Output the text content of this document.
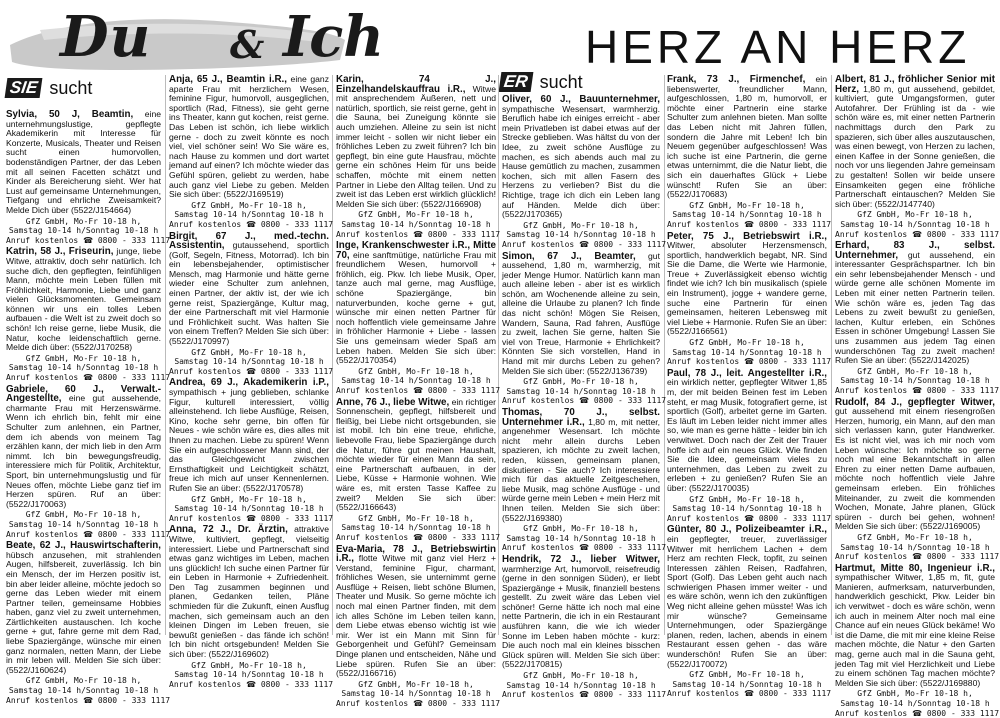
Du & Ich	HERZ AN HERZ
SIE sucht	ER sucht

Sylvia, 50 J, Beamtin, eine unternehmungslustige, gepflegte Akademikerin mit Interesse für Konzerte, Musicals, Theater und Reisen sucht einen humorvollen, bodenständigen Partner, der das Leben mit all seinen Facetten schätzt und Kinder als Bereicherung sieht. Wer hat Lust auf gemeinsame Unternehmungen, Tiefgang und ehrliche Zweisamkeit? Melde Dich über (5522/J154664)

GfZ GmbH, Mo-Fr 10-18 h,
Samstag 10-14 h/Sonntag 10-18 h
Anruf kostenlos ☎ 0800 - 333 1117

Katrin, 58 J., Friseurin, junge, liebe Witwe, attraktiv, doch sehr natürlich. Ich suche dich, den gepflegten, feinfühligen Mann, möchte mein Leben füllen mit Fröhlichkeit, Harmonie, Liebe und ganz vielen Glücksmomenten. Gemeinsam können wir uns ein tolles Leben aufbauen - die Welt ist zu zweit doch so schön! Ich reise gerne, liebe Musik, die Natur, koche leidenschaftlich gerne. Melde dich über: (5522/J170258)

GfZ GmbH, Mo-Fr 10-18 h,
Samstag 10-14 h/Sonntag 10-18 h
Anruf kostenlos ☎ 0800 - 333 1117

Gabriele, 60 J., Verwalt.-Angestellte, eine gut aussehende, charmante Frau mit Herzenswärme. Wenn ich ehrlich bin, fehlt mir eine Schulter zum anlehnen, ein Partner, dem ich abends von meinem Tag erzählen kann, der mich lieb in den Arm nimmt. Ich bin bewegungsfreudig, interessiere mich für Politik, Architektur, Sport, bin unternehmungslustig und für Neues offen, möchte Liebe ganz tief im Herzen spüren. Ruf an über: (5522/J170063)

GfZ GmbH, Mo-Fr 10-18 h,
Samstag 10-14 h/Sonntag 10-18 h
Anruf kostenlos ☎ 0800 - 333 1117

Beate, 62 J., Hauswirtschafterin, hübsch anzusehen, mit strahlenden Augen, hilfsbereit, zuverlässig. Ich bin ein Mensch, der im Herzen positiv ist, bin aber leider alleine, möchte jedoch so gerne das Leben wieder mit einem Partner teilen, gemeinsame Hobbies haben, ganz viel zu zweit unternehmen, Zärtlichkeiten austauschen. Ich koche gerne + gut, fahre gerne mit dem Rad, liebe Spaziergänge, wünsche mir einen ganz normalen, netten Mann, der Liebe in mir leben will. Melden Sie sich über: (5522/J160624)

GfZ GmbH, Mo-Fr 10-18 h,
Samstag 10-14 h/Sonntag 10-18 h
Anruf kostenlos ☎ 0800 - 333 1117

Anja, 65 J., Beamtin i.R., eine ganz aparte Frau mit herzlichem Wesen, feminine Figur, humorvoll, ausgeglichen, sportlich (Rad, Fitness), sie geht gerne ins Theater, kann gut kochen, reist gerne. Das Leben ist schön, ich liebe wirklich gerne - doch zu zweit könnte es noch viel, viel schöner sein! Wo Sie wäre es, nach Hause zu kommen und dort wartet jemand auf einen? Ich möchte wieder das Gefühl spüren, geliebt zu werden, habe auch ganz viel Liebe zu geben. Melden Sie sich über: (5522/J169519)

GfZ GmbH, Mo-Fr 10-18 h,
Samstag 10-14 h/Sonntag 10-18 h
Anruf kostenlos ☎ 0800 - 333 1117

Birgit, 67 J., med.-techn. Assistentin, gutaussehend, sportlich (Golf, Segeln, Fitness, Motorrad). Ich bin ein lebensbejahender, optimistischer Mensch, mag Harmonie und hätte gerne wieder eine Schulter zum anlehnen, einen Partner, der aktiv ist, der wie ich gerne reist, Spaziergänge, Kultur mag, der eine Partnerschaft mit viel Harmonie und Fröhlichkeit sucht. Was halten Sie von einem Treffen? Melden Sie sich über: (5522/J170997)

GfZ GmbH, Mo-Fr 10-18 h,
Samstag 10-14 h/Sonntag 10-18 h
Anruf kostenlos ☎ 0800 - 333 1117

Andrea, 69 J., Akademikerin i.P., sympathisch + jung geblieben, schlanke Figur, kulturell interessiert, völlig alleinstehend. Ich liebe Ausflüge, Reisen, Kino, koche sehr gerne, bin offen für Neues - wie schön wäre es, dies alles mit Ihnen zu machen. Liebe zu spüren! Wenn Sie ein aufgeschlossener Mann sind, der das Gleichgewicht zwischen Ernsthaftigkeit und Leichtigkeit schätzt, freue ich mich auf unser Kennenlernen. Rufen Sie an über: (5522/J170578)

GfZ GmbH, Mo-Fr 10-18 h,
Samstag 10-14 h/Sonntag 10-18 h
Anruf kostenlos ☎ 0800 - 333 1117

Anna, 72 J., Dr. Ärztin, attraktive Witwe, kultiviert, gepflegt, vielseitig interessiert. Liebe und Partnerschaft sind etwas ganz wichtiges im Leben, machen uns glücklich! Ich suche einen Partner für ein Leben in Harmonie + Zufriedenheit. Den Tag zusammen beginnen und planen, Gedanken teilen, Pläne schmieden für die Zukunft, einen Ausflug machen, sich gemeinsam auch an den kleinen Dingen im Leben freuen, sie bewußt genießen - das fände ich schön! Ich bin nicht ortsgebunden! Melden Sie sich über: (5522/J169602)

GfZ GmbH, Mo-Fr 10-18 h,
Samstag 10-14 h/Sonntag 10-18 h
Anruf kostenlos ☎ 0800 - 333 1117

Karin, 74 J., Einzelhandelskauffrau i.R., Witwe mit ansprechendem Äußeren, nett und natürlich, sportlich, sie reist gerne, geht in die Sauna, bei Zuneigung könnte sie auch umziehen. Alleine zu sein ist nicht immer leicht - sollen wir nicht lieber ein fröhliches Leben zu zweit führen? Ich bin gepflegt, bin eine gute Hausfrau, möchte gerne ein schönes Heim für uns beide schaffen, möchte mit einem netten Partner in Liebe den Alltag teilen. Und zu zweit ist das Leben erst wirklich glücklich! Melden Sie sich über: (5522/J166908)

GfZ GmbH, Mo-Fr 10-18 h,
Samstag 10-14 h/Sonntag 10-18 h
Anruf kostenlos ☎ 0800 - 333 1117

Inge, Krankenschwester i.R., Mitte 70, eine sanftmütige, natürliche Frau mit freundlichem Wesen, humorvoll + fröhlich, eig. Pkw. Ich liebe Musik, Oper, tanze auch mal gerne, mag Ausflüge, schöne Spaziergänge, bin naturverbunden, koche gerne + gut, wünsche mir einen netten Partner für noch hoffentlich viele gemeinsame Jahre in fröhlicher Harmonie + Liebe - lassen Sie uns gemeinsam wieder Spaß am Leben haben. Melden Sie sich über: (5522/J170354)

GfZ GmbH, Mo-Fr 10-18 h,
Samstag 10-14 h/Sonntag 10-18 h
Anruf kostenlos ☎ 0800 - 333 1117

Anne, 76 J., liebe Witwe, ein richtiger Sonnenschein, gepflegt, hilfsbereit und fleißig, bei Liebe nicht ortsgebunden, sie ist mobil. Ich bin eine treue, ehrliche, liebevolle Frau, liebe Spaziergänge durch die Natur, führe gut meinen Haushalt, möchte wieder für einen Mann da sein, eine Partnerschaft aufbauen, in der Liebe, Küsse + Harmonie wohnen. Wie wäre es, mit ersten Tasse Kaffee zu zweit? Melden Sie sich über: (5522/J166643)

GfZ GmbH, Mo-Fr 10-18 h,
Samstag 10-14 h/Sonntag 10-18 h
Anruf kostenlos ☎ 0800 - 333 1117

Eva-Maria, 78 J., Betriebswirtin i.R., flotte Witwe mit ganz viel Herz + Verstand, feminine Figur, charmant, fröhliches Wesen, sie unternimmt gerne Ausflüge + Reisen, liebt schöne Blumen, Theater und Musik. So gerne möchte ich noch mal einen Partner finden, mit dem ich alles Schöne im Leben teilen kann, dem Liebe etwas ebenso wichtig ist wie mir. Wer ist ein Mann mit Sinn für Geborgenheit und Gefühl? Gemeinsam Dinge planen und entscheiden, Nähe und Liebe spüren. Rufen Sie an über: (5522/J166716)

GfZ GmbH, Mo-Fr 10-18 h,
Samstag 10-14 h/Sonntag 10-18 h
Anruf kostenlos ☎ 0800 - 333 1117

Oliver, 60 J., Bauunternehmer, sympathische Wesensart, warmherzig. Beruflich habe ich einiges erreicht - aber mein Privatleben ist dabei etwas auf der Strecke geblieben. Was hältst du von der Idee, zu zweit schöne Ausflüge zu machen, es sich abends auch mal zu Hause gemütlich zu machen, zusammen kochen, sich mit allen Fasern des Herzens zu verlieben? Bist du die Richtige, trage ich dich ein Leben lang auf Händen. Melde dich über: (5522/J170365)

GfZ GmbH, Mo-Fr 10-18 h,
Samstag 10-14 h/Sonntag 10-18 h
Anruf kostenlos ☎ 0800 - 333 1117

Simon, 67 J., Beamter, gut aussehend, 1,80 m, warmherzig, mit jeder Menge Humor. Natürlich kann man auch alleine leben - aber ist es wirklich schön, am Wochenende alleine zu sein, alleine die Urlaube zu planen? Ich finde das nicht schön! Mögen Sie Reisen, Wandern, Sauna, Rad fahren, Ausflüge zu zweit, lachen Sie gerne, halten Sie viel von Treue, Harmonie + Ehrlichkeit? Könnten Sie sich vorstellen, Hand in Hand mit mir durchs Leben zu gehen? Melden Sie sich über: (5522/J136739)

GfZ GmbH, Mo-Fr 10-18 h,
Samstag 10-14 h/Sonntag 10-18 h
Anruf kostenlos ☎ 0800 - 333 1117

Thomas, 70 J., selbst. Unternehmer i.R., 1,80 m, mit netter, angenehmer Wesensart. Ich möchte nicht mehr allein durchs Leben spazieren, ich möchte zu zweit lachen, reden, küssen, gemeinsam planen, diskutieren - Sie auch? Ich interessiere mich für das aktuelle Zeitgeschehen, liebe Musik, mag schöne Ausflüge - und würde gerne mein Leben + mein Herz mit Ihnen teilen. Melden Sie sich über: (5522/J169380)

GfZ GmbH, Mo-Fr 10-18 h,
Samstag 10-14 h/Sonntag 10-18 h
Anruf kostenlos ☎ 0800 - 333 1117

Hendrik, 72 J., lieber Witwer, warmherzige Art, humorvoll, reisefreudig (gerne in den sonnigen Süden), er liebt Spaziergänge + Musik, finanziell bestens gestellt. Zu zweit wäre das Leben viel schöner! Gerne hätte ich noch mal eine nette Partnerin, die ich in ein Restaurant ausführen kann, die wie ich wieder Sonne im Leben haben möchte - kurz: Die auch noch mal ein kleines bisschen Glück spüren will. Melden Sie sich über: (5522/J170815)

GfZ GmbH, Mo-Fr 10-18 h,
Samstag 10-14 h/Sonntag 10-18 h
Anruf kostenlos ☎ 0800 - 333 1117

Frank, 73 J., Firmenchef, ein liebenswerter, freundlicher Mann, aufgeschlossen, 1,80 m, humorvoll, er möchte einer Partnerin eine starke Schulter zum anlehnen bieten. Man sollte das Leben nicht mit Jahren füllen, sondern die Jahre mit Leben! Ich bin Neuem gegenüber aufgeschlossen! Was ich suche ist eine Partnerin, die gerne etwas unternimmt, die die Natur liebt, die sich ein dauerhaftes Glück + Liebe wünscht! Rufen Sie an über: (5522/J170683)

GfZ GmbH, Mo-Fr 10-18 h,
Samstag 10-14 h/Sonntag 10-18 h
Anruf kostenlos ☎ 0800 - 333 1117

Peter, 75 J., Betriebswirt i.R., Witwer, absoluter Herzensmensch, sportlich, handwerklich begabt, NR. Sind Sie die Dame, die Werte wie Harmonie, Treue + Zuverlässigkeit ebenso wichtig findet wie ich? Ich bin musikalisch (spiele ein Instrument), jogge + wandere gerne, suche eine Partnerin für einen gemeinsamen, heiteren Lebensweg mit viel Liebe + Harmonie. Rufen Sie an über: (5522/J166561)

GfZ GmbH, Mo-Fr 10-18 h,
Samstag 10-14 h/Sonntag 10-18 h
Anruf kostenlos ☎ 0800 - 333 1117

Paul, 78 J., leit. Angestellter i.R., ein wirklich netter, gepflegter Witwer 1,85 m, der mit beiden Beinen fest im Leben steht, er mag Musik, fotografiert gerne, ist sportlich (Golf), arbeitet gerne im Garten. Es läuft im Leben leider nicht immer alles so, wie man es gerne hätte - leider bin ich verwitwet. Doch nach der Zeit der Trauer hoffe ich auf ein neues Glück. Wie finden Sie die Idee, gemeinsam vieles zu unternehmen, das Leben zu zweit zu erleben + zu genießen? Rufen Sie an über: (5522/J170035)

GfZ GmbH, Mo-Fr 10-18 h,
Samstag 10-14 h/Sonntag 10-18 h
Anruf kostenlos ☎ 0800 - 333 1117

Günter, 80 J., Polizeibeamter i.R., ein gepflegter, treuer, zuverlässiger Witwer mit herrlichem Lachen + dem Herz am rechten Fleck, topfit, zu seinen Interessen zählen Reisen, Radfahren, Sport (Golf). Das Leben geht auch nach schwierigen Phasen immer weiter - und es wäre schön, wenn ich den zukünftigen Weg nicht alleine gehen müsste! Was ich mir wünsche? Gemeinsame Unternehmungen, oder Spaziergänge planen, reden, lachen, abends in einem Restaurant essen gehen - das wäre wunderschön! Rufen Sie an über: (5522/J170072)

GfZ GmbH, Mo-Fr 10-18 h,
Samstag 10-14 h/Sonntag 10-18 h
Anruf kostenlos ☎ 0800 - 333 1117

Albert, 81 J., fröhlicher Senior mit Herz, 1,80 m, gut aussehend, gebildet, kultiviert, gute Umgangsformen, guter Autofahrer. Der Frühling ist da - wie schön wäre es, mit einer netten Partnerin nachmittags durch den Park zu spazieren, sich über alles auszutauschen, was einen bewegt, von Herzen zu lachen, einen Kaffee in der Sonne genießen, die noch vor uns liegenden Jahre gemeinsam zu gestalten! Sollen wir beide unsere Einsamkeiten gegen eine fröhliche Partnerschaft eintauschen? Melden Sie sich über: (5522/J147740)

GfZ GmbH, Mo-Fr 10-18 h,
Samstag 10-14 h/Sonntag 10-18 h
Anruf kostenlos ☎ 0800 - 333 1117

Erhard, 83 J., selbst. Unternehmer, gut aussehend, ein interessanter Gesprächspartner. Ich bin ein sehr lebensbejahender Mensch - und würde gerne alle schönen Momente im Leben mit einer netten Partnerin teilen. Wie schön wäre es, jeden Tag das Lebens zu zweit bewußt zu genießen, lachen, Kultur erleben, ein Schönes Essen in schöner Umgebung! Lassen Sie uns zusammen aus jedem Tag einen wunderschönen Tag zu zweit machen! Rufen Sie an über: (5522/J142025)

GfZ GmbH, Mo-Fr 10-18 h,
Samstag 10-14 h/Sonntag 10-18 h
Anruf kostenlos ☎ 0800 - 333 1117

Rudolf, 84 J., gepflegter Witwer, gut aussehend mit einem riesengroßen Herzen, humorig, ein Mann, auf den man sich verlassen kann, guter Handwerker. Es ist nicht viel, was ich mir noch vom Leben wünsche: Ich möchte so gerne noch mal eine Bekanntschaft in allen Ehren zu einer netten Dame aufbauen, möchte noch hoffentlich viele Jahre gemeinsam erleben. Ein fröhliches Miteinander, zu zweit die kommenden Wochen, Monate, Jahre planen, Glück spüren - durch bei gehen, wohnen! Melden Sie sich über: (5522/J169005)

GfZ GmbH, Mo-Fr 10-18 h,
Samstag 10-14 h/Sonntag 10-18 h
Anruf kostenlos ☎ 0800 - 333 1117

Hartmut, Mitte 80, Ingenieur i.R., sympathischer Witwer, 1,85 m, fit, gute Manieren, aufmerksam, naturverbunden, handwerklich geschickt, Pkw. Leider bin ich verwitwet - doch es wäre schön, wenn ich auch in meinem Alter noch mal eine Chance auf ein neues Glück bekäme! Wo ist die Dame, die mit mir eine kleine Reise machen möchte, die Natur + den Garten mag, gerne auch mal in die Sauna geht, jeden Tag mit viel Herzlichkeit und Liebe zu einem schönen Tag machen möchte? Melden Sie sich über: (5522/J169880)

GfZ GmbH, Mo-Fr 10-18 h,
Samstag 10-14 h/Sonntag 10-18 h
Anruf kostenlos ☎ 0800 - 333 1117
